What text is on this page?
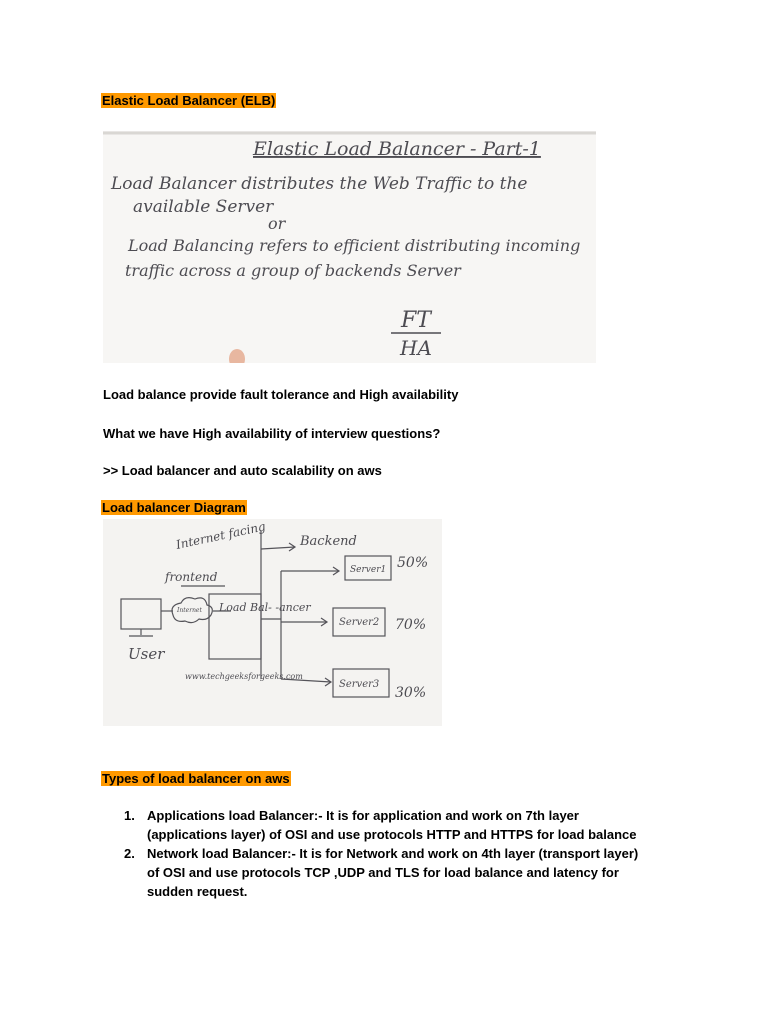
Elastic Load Balancer (ELB)
Elastic Load Balancer - Part-1
Load Balancer distributes the Web Traffic to the
available Server
or
Load Balancing refers to efficient distributing incoming
traffic across a group of backends Server
FT
HA
Load balance provide fault tolerance and High availability
What we have High availability of interview questions?
>> Load balancer and auto scalability on aws
Load balancer Diagram
Internet facing
frontend
Backend
User
Internet Load Bal- -ancer
Server1 50%
Server2 70%
Server3
30%
www.techgeeksforgeeks.com
Types of load balancer on aws
1. Applications load Balancer:- It is for application and work on 7th layer
(applications layer) of OSI and use protocols HTTP and HTTPS for load balance
2. Network load Balancer:- It is for Network and work on 4th layer (transport layer)
of OSI and use protocols TCP ,UDP and TLS for load balance and latency for
sudden request.
